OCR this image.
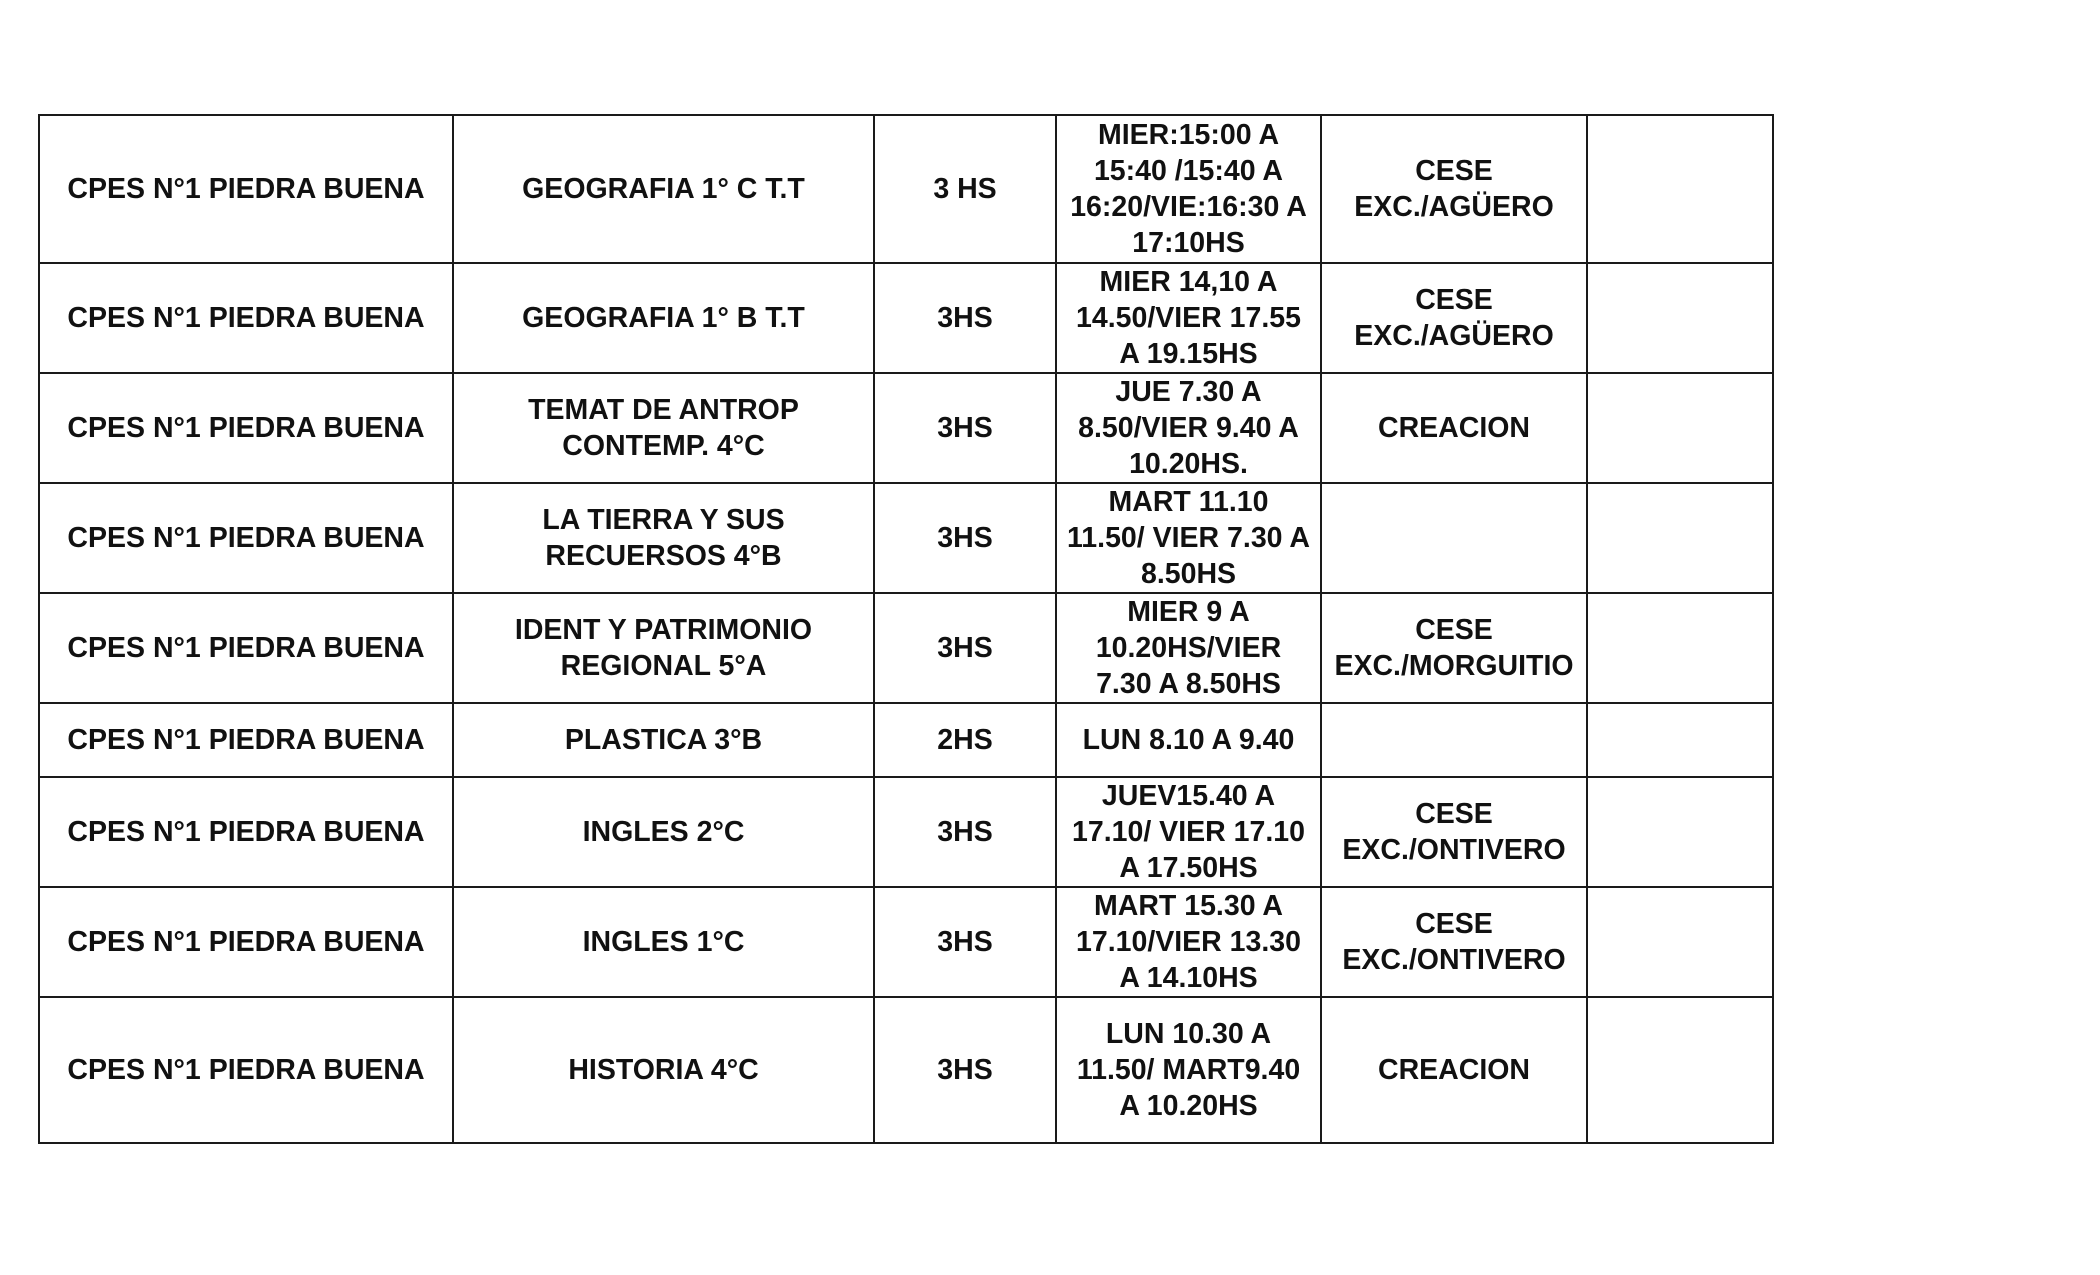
CPES N°1 PIEDRA BUENA	GEOGRAFIA 1° C T.T	3 HS	MIER:15:00 A
15:40 /15:40 A
16:20/VIE:16:30 A
17:10HS	CESE
EXC./AGÜERO	
CPES N°1 PIEDRA BUENA	GEOGRAFIA 1° B T.T	3HS	MIER 14,10 A
14.50/VIER 17.55
A 19.15HS	CESE
EXC./AGÜERO	
CPES N°1 PIEDRA BUENA	TEMAT DE ANTROP
CONTEMP. 4°C	3HS	JUE 7.30 A
8.50/VIER 9.40 A
10.20HS.	CREACION	
CPES N°1 PIEDRA BUENA	LA TIERRA Y SUS
RECUERSOS 4°B	3HS	MART 11.10
11.50/ VIER 7.30 A
8.50HS		
CPES N°1 PIEDRA BUENA	IDENT Y PATRIMONIO
REGIONAL 5°A	3HS	MIER 9 A
10.20HS/VIER
7.30 A 8.50HS	CESE
EXC./MORGUITIO	
CPES N°1 PIEDRA BUENA	PLASTICA 3°B	2HS	LUN 8.10 A 9.40		
CPES N°1 PIEDRA BUENA	INGLES 2°C	3HS	JUEV15.40 A
17.10/ VIER 17.10
A 17.50HS	CESE
EXC./ONTIVERO	
CPES N°1 PIEDRA BUENA	INGLES 1°C	3HS	MART 15.30 A
17.10/VIER 13.30
A 14.10HS	CESE
EXC./ONTIVERO	
CPES N°1 PIEDRA BUENA	HISTORIA 4°C	3HS	LUN 10.30 A
11.50/ MART9.40
A 10.20HS	CREACION	
